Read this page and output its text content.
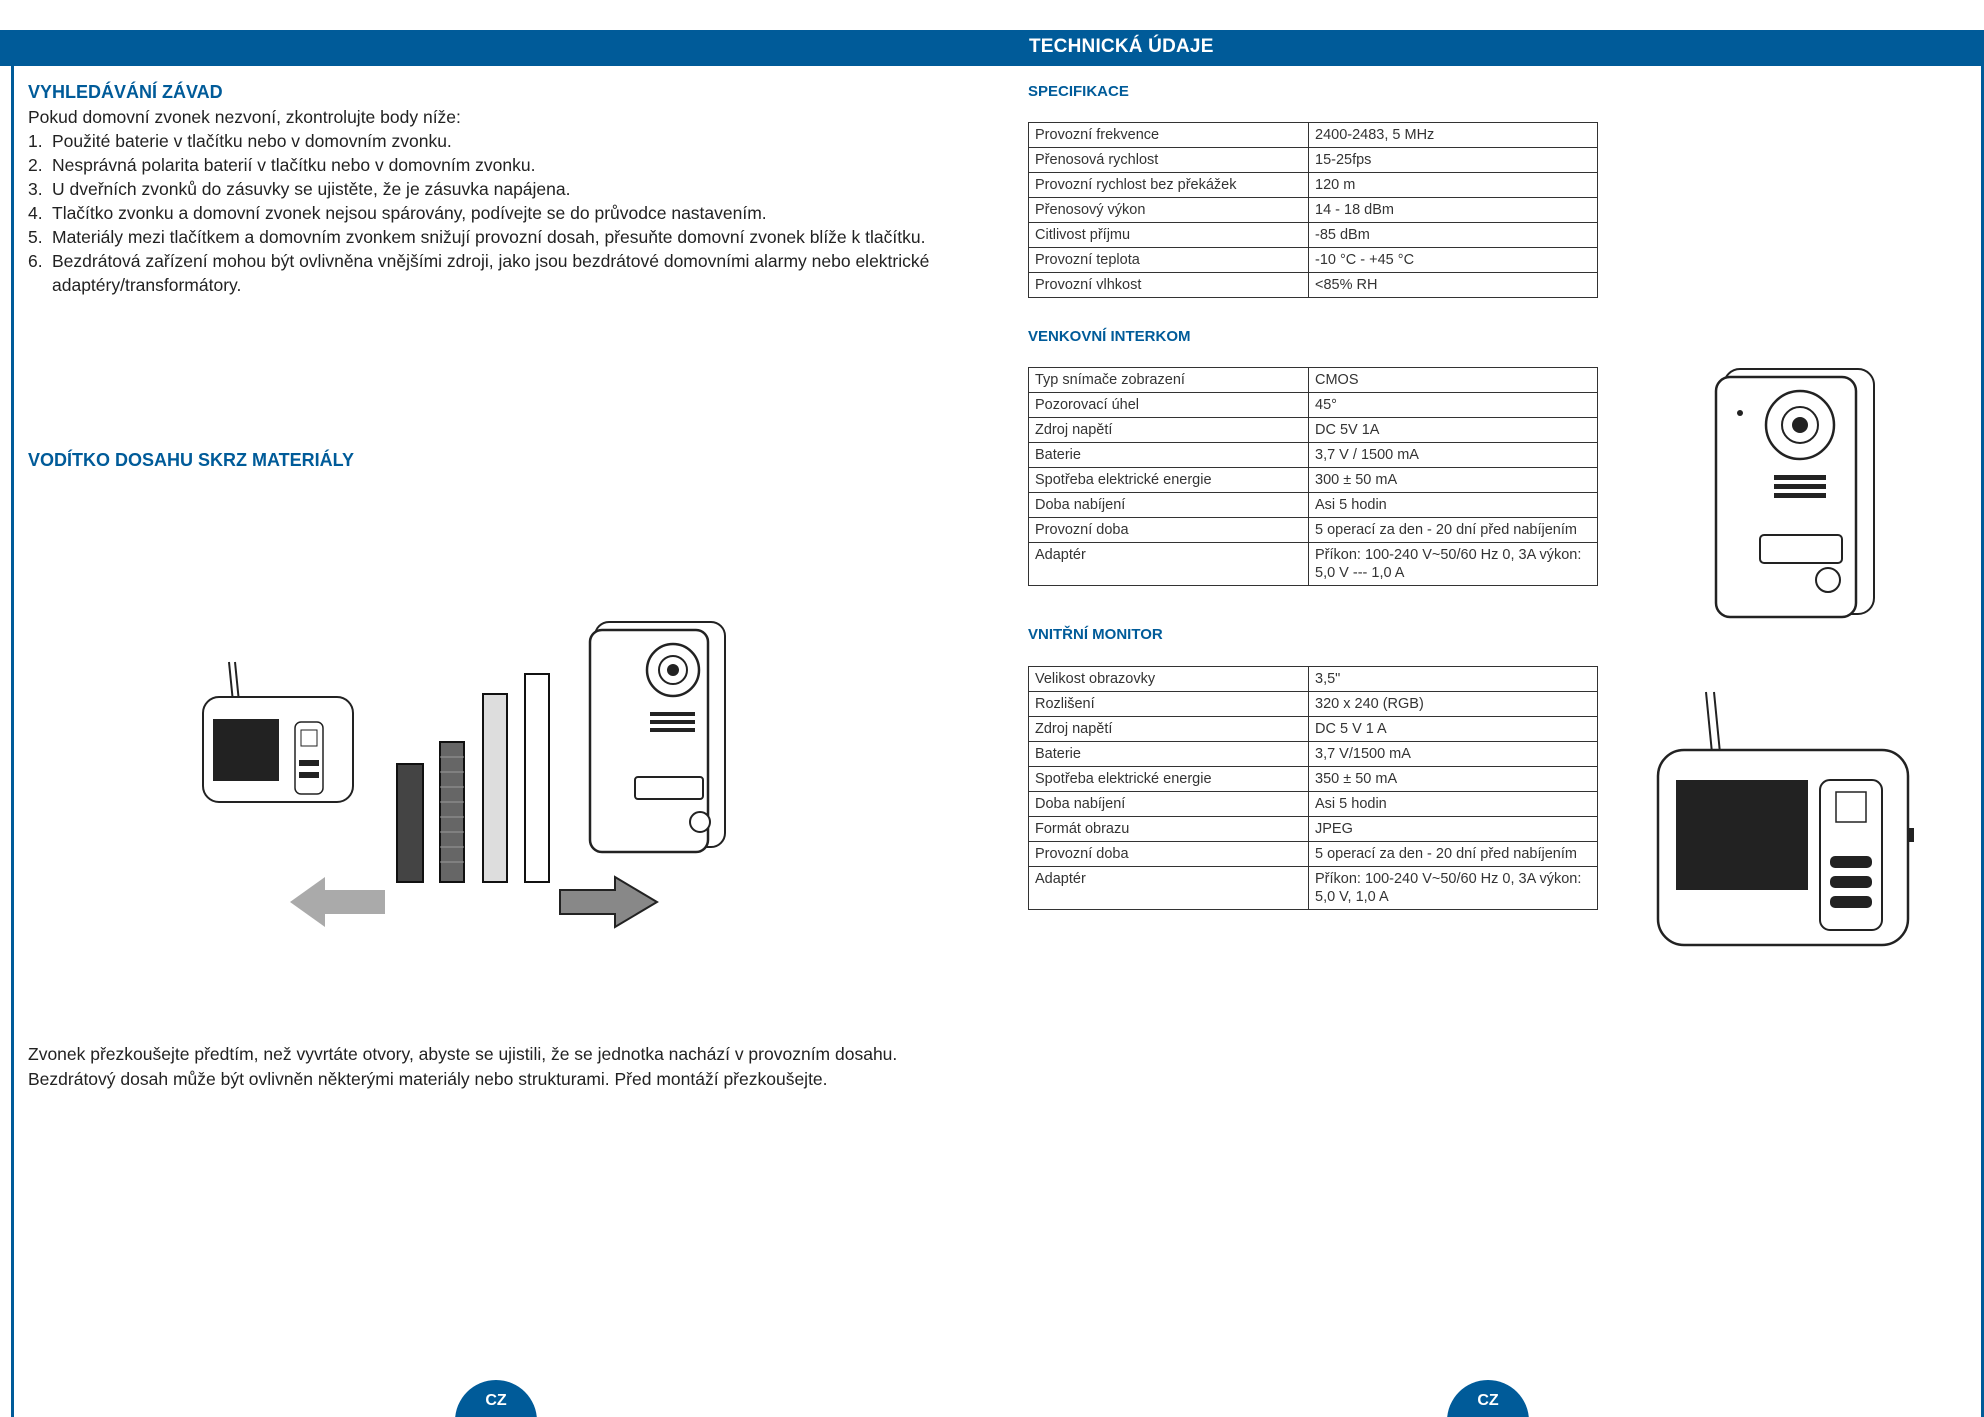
TECHNICKÁ ÚDAJE
VYHLEDÁVÁNÍ ZÁVAD
Pokud domovní zvonek nezvoní, zkontrolujte body níže:
1. Použité baterie v tlačítku nebo v domovním zvonku.
2. Nesprávná polarita baterií v tlačítku nebo v domovním zvonku.
3. U dveřních zvonků do zásuvky se ujistěte, že je zásuvka napájena.
4. Tlačítko zvonku a domovní zvonek nejsou spárovány, podívejte se do průvodce nastavením.
5. Materiály mezi tlačítkem a domovním zvonkem snižují provozní dosah, přesuňte domovní zvonek blíže k tlačítku.
6. Bezdrátová zařízení mohou být ovlivněna vnějšími zdroji, jako jsou bezdrátové domovními alarmy nebo elektrické adaptéry/transformátory.
VODÍTKO DOSAHU SKRZ MATERIÁLY
Zvonek přezkoušejte předtím, než vyvrtáte otvory, abyste se ujistili, že se jednotka nachází v provozním dosahu.
Bezdrátový dosah může být ovlivněn některými materiály nebo strukturami. Před montáží přezkoušejte.
SPECIFIKACE
Provozní frekvence	2400-2483, 5 MHz
Přenosová rychlost	15-25fps
Provozní rychlost bez překážek	120 m
Přenosový výkon	14 - 18 dBm
Citlivost příjmu	-85 dBm
Provozní teplota	-10 °C - +45 °C
Provozní vlhkost	<85% RH
VENKOVNÍ INTERKOM
Typ snímače zobrazení	CMOS
Pozorovací úhel	45°
Zdroj napětí	DC 5V 1A
Baterie	3,7 V / 1500 mA
Spotřeba elektrické energie	300 ± 50 mA
Doba nabíjení	Asi 5 hodin
Provozní doba	5 operací za den - 20 dní před nabíjením
Adaptér	Příkon: 100-240 V~50/60 Hz 0, 3A výkon: 5,0 V --- 1,0 A
VNITŘNÍ MONITOR
Velikost obrazovky	3,5"
Rozlišení	320 x 240 (RGB)
Zdroj napětí	DC 5 V 1 A
Baterie	3,7 V/1500 mA
Spotřeba elektrické energie	350 ± 50 mA
Doba nabíjení	Asi 5 hodin
Formát obrazu	JPEG
Provozní doba	5 operací za den - 20 dní před nabíjením
Adaptér	Příkon: 100-240 V~50/60 Hz 0, 3A výkon: 5,0 V, 1,0 A
CZ	CZ
